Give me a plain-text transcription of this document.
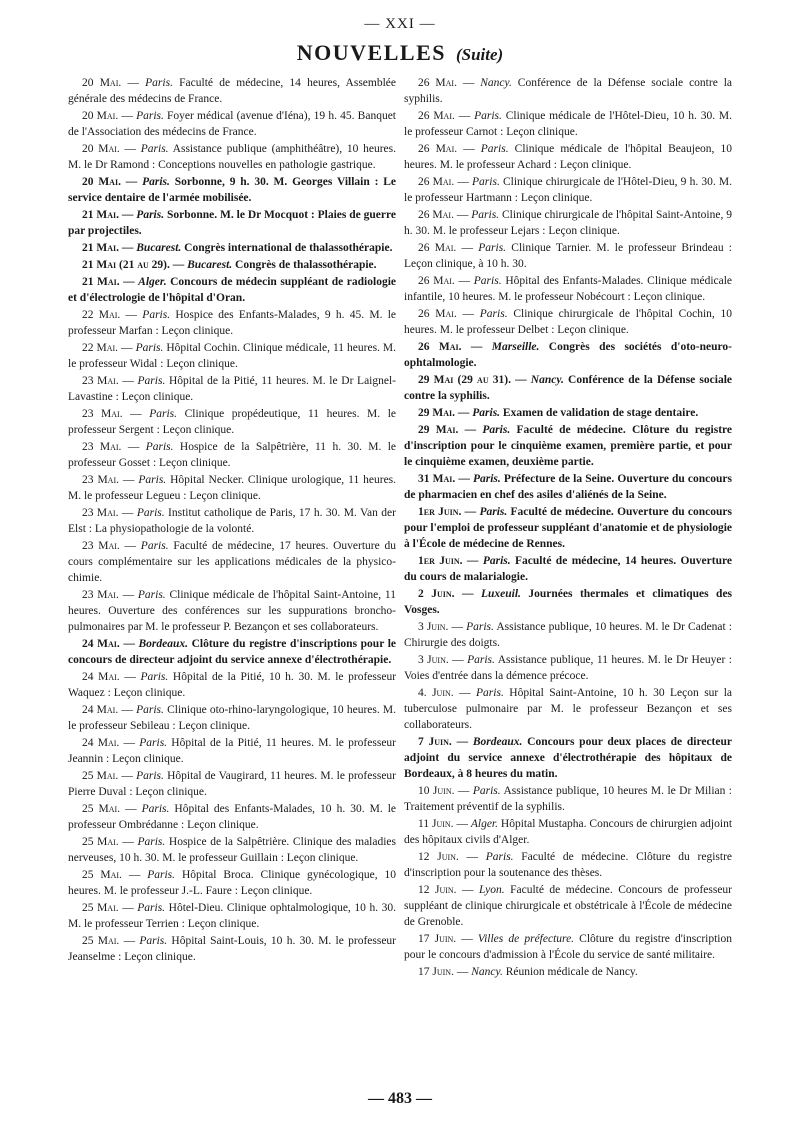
— XXI —
NOUVELLES (Suite)

20 Mai. — Paris. Faculté de médecine, 14 heures, Assemblée générale des médecins de France.

20 Mai. — Paris. Foyer médical (avenue d'Iéna), 19 h. 45. Banquet de l'Association des médecins de France.

20 Mai. — Paris. Assistance publique (amphithéâtre), 10 heures. M. le Dr Ramond : Conceptions nouvelles en pathologie gastrique.

20 Mai. — Paris. Sorbonne, 9 h. 30. M. Georges Villain : Le service dentaire de l'armée mobilisée.

21 Mai. — Paris. Sorbonne. M. le Dr Mocquot : Plaies de guerre par projectiles.

21 Mai. — Bucarest. Congrès international de thalassothérapie.

21 Mai (21 au 29). — Bucarest. Congrès de thalassothérapie.

21 Mai. — Alger. Concours de médecin suppléant de radiologie et d'électrologie de l'hôpital d'Oran.

22 Mai. — Paris. Hospice des Enfants-Malades, 9 h. 45. M. le professeur Marfan : Leçon clinique.

22 Mai. — Paris. Hôpital Cochin. Clinique médicale, 11 heures. M. le professeur Widal : Leçon clinique.

23 Mai. — Paris. Hôpital de la Pitié, 11 heures. M. le Dr Laignel-Lavastine : Leçon clinique.

23 Mai. — Paris. Clinique propédeutique, 11 heures. M. le professeur Sergent : Leçon clinique.

23 Mai. — Paris. Hospice de la Salpêtrière, 11 h. 30. M. le professeur Gosset : Leçon clinique.

23 Mai. — Paris. Hôpital Necker. Clinique urologique, 11 heures. M. le professeur Legueu : Leçon clinique.

23 Mai. — Paris. Institut catholique de Paris, 17 h. 30. M. Van der Elst : La physiopathologie de la volonté.

23 Mai. — Paris. Faculté de médecine, 17 heures. Ouverture du cours complémentaire sur les applications médicales de la physico-chimie.

23 Mai. — Paris. Clinique médicale de l'hôpital Saint-Antoine, 11 heures. Ouverture des conférences sur les suppurations broncho-pulmonaires par M. le professeur P. Bezançon et ses collaborateurs.

24 Mai. — Bordeaux. Clôture du registre d'inscriptions pour le concours de directeur adjoint du service annexe d'électrothérapie.

24 Mai. — Paris. Hôpital de la Pitié, 10 h. 30. M. le professeur Waquez : Leçon clinique.

24 Mai. — Paris. Clinique oto-rhino-laryngologique, 10 heures. M. le professeur Sebileau : Leçon clinique.

24 Mai. — Paris. Hôpital de la Pitié, 11 heures. M. le professeur Jeannin : Leçon clinique.

25 Mai. — Paris. Hôpital de Vaugirard, 11 heures. M. le professeur Pierre Duval : Leçon clinique.

25 Mai. — Paris. Hôpital des Enfants-Malades, 10 h. 30. M. le professeur Ombrédanne : Leçon clinique.

25 Mai. — Paris. Hospice de la Salpêtrière. Clinique des maladies nerveuses, 10 h. 30. M. le professeur Guillain : Leçon clinique.

25 Mai. — Paris. Hôpital Broca. Clinique gynécologique, 10 heures. M. le professeur J.-L. Faure : Leçon clinique.

25 Mai. — Paris. Hôtel-Dieu. Clinique ophtalmologique, 10 h. 30. M. le professeur Terrien : Leçon clinique.

25 Mai. — Paris. Hôpital Saint-Louis, 10 h. 30. M. le professeur Jeanselme : Leçon clinique.

26 Mai. — Nancy. Conférence de la Défense sociale contre la syphilis.

26 Mai. — Paris. Clinique médicale de l'Hôtel-Dieu, 10 h. 30. M. le professeur Carnot : Leçon clinique.

26 Mai. — Paris. Clinique médicale de l'hôpital Beaujeon, 10 heures. M. le professeur Achard : Leçon clinique.

26 Mai. — Paris. Clinique chirurgicale de l'Hôtel-Dieu, 9 h. 30. M. le professeur Hartmann : Leçon clinique.

26 Mai. — Paris. Clinique chirurgicale de l'hôpital Saint-Antoine, 9 h. 30. M. le professeur Lejars : Leçon clinique.

26 Mai. — Paris. Clinique Tarnier. M. le professeur Brindeau : Leçon clinique, à 10 h. 30.

26 Mai. — Paris. Hôpital des Enfants-Malades. Clinique médicale infantile, 10 heures. M. le professeur Nobécourt : Leçon clinique.

26 Mai. — Paris. Clinique chirurgicale de l'hôpital Cochin, 10 heures. M. le professeur Delbet : Leçon clinique.

26 Mai. — Marseille. Congrès des sociétés d'oto-neuro-ophtalmologie.

29 Mai (29 au 31). — Nancy. Conférence de la Défense sociale contre la syphilis.

29 Mai. — Paris. Examen de validation de stage dentaire.

29 Mai. — Paris. Faculté de médecine. Clôture du registre d'inscription pour le cinquième examen, première partie, et pour le cinquième examen, deuxième partie.

31 Mai. — Paris. Préfecture de la Seine. Ouverture du concours de pharmacien en chef des asiles d'aliénés de la Seine.

1er Juin. — Paris. Faculté de médecine. Ouverture du concours pour l'emploi de professeur suppléant d'anatomie et de physiologie à l'École de médecine de Rennes.

1er Juin. — Paris. Faculté de médecine, 14 heures. Ouverture du cours de malarialogie.

2 Juin. — Luxeuil. Journées thermales et climatiques des Vosges.

3 Juin. — Paris. Assistance publique, 10 heures. M. le Dr Cadenat : Chirurgie des doigts.

3 Juin. — Paris. Assistance publique, 11 heures. M. le Dr Heuyer : Voies d'entrée dans la démence précoce.

4. Juin. — Paris. Hôpital Saint-Antoine, 10 h. 30 Leçon sur la tuberculose pulmonaire par M. le professeur Bezançon et ses collaborateurs.

7 Juin. — Bordeaux. Concours pour deux places de directeur adjoint du service annexe d'électrothérapie des hôpitaux de Bordeaux, à 8 heures du matin.

10 Juin. — Paris. Assistance publique, 10 heures M. le Dr Milian : Traitement préventif de la syphilis.

11 Juin. — Alger. Hôpital Mustapha. Concours de chirurgien adjoint des hôpitaux civils d'Alger.

12 Juin. — Paris. Faculté de médecine. Clôture du registre d'inscription pour la soutenance des thèses.

12 Juin. — Lyon. Faculté de médecine. Concours de professeur suppléant de clinique chirurgicale et obstétricale à l'École de médecine de Grenoble.

17 Juin. — Villes de préfecture. Clôture du registre d'inscription pour le concours d'admission à l'École du service de santé militaire.

17 Juin. — Nancy. Réunion médicale de Nancy.

— 483 —
